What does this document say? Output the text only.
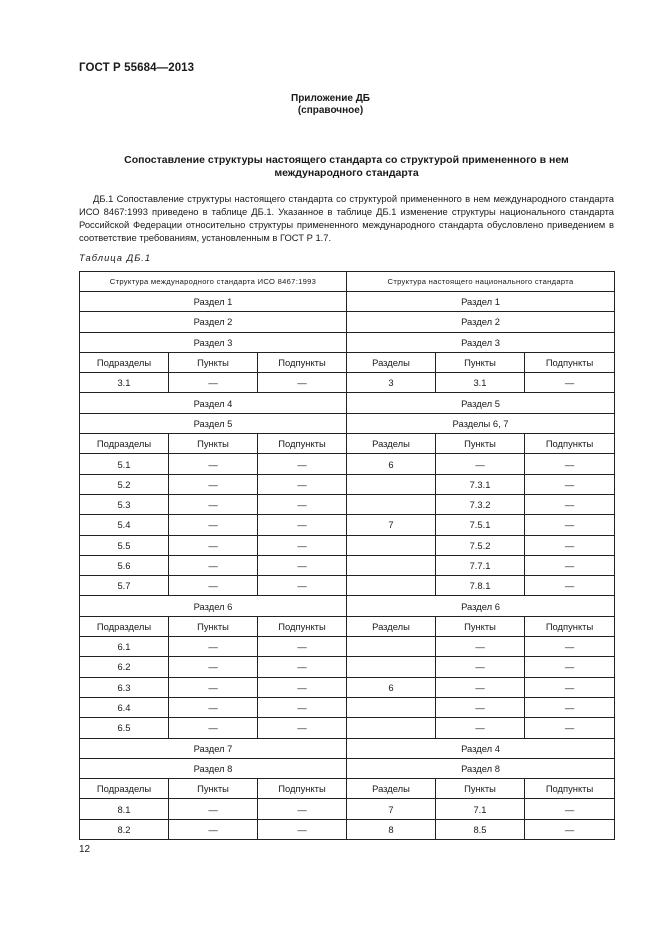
ГОСТ Р 55684—2013
Приложение ДБ
(справочное)
Сопоставление структуры настоящего стандарта со структурой примененного в нем
международного стандарта
ДБ.1 Сопоставление структуры настоящего стандарта со структурой примененного в нем международного стандарта ИСО 8467:1993 приведено в таблице ДБ.1. Указанное в таблице ДБ.1 изменение структуры национального стандарта Российской Федерации относительно структуры примененного международного стандарта обусловлено приведением в соответствие требованиям, установленным в ГОСТ Р 1.7.
Таблица ДБ.1
Структура международного стандарта ИСО 8467:1993			Структура настоящего национального стандарта		
Раздел 1			Раздел 1		
Раздел 2			Раздел 2		
Раздел 3			Раздел 3		
Подразделы	Пункты	Подпункты	Разделы	Пункты	Подпункты
3.1	—	—	3	3.1	—
Раздел 4			Раздел 5		
Раздел 5			Разделы 6, 7		
Подразделы	Пункты	Подпункты	Разделы	Пункты	Подпункты
5.1	—	—	6	—	—
5.2	—	—		7.3.1	—
5.3	—	—		7.3.2	—
5.4	—	—	7	7.5.1	—
5.5	—	—		7.5.2	—
5.6	—	—		7.7.1	—
5.7	—	—		7.8.1	—
Раздел 6			Раздел 6		
Подразделы	Пункты	Подпункты	Разделы	Пункты	Подпункты
6.1	—	—		—	—
6.2	—	—		—	—
6.3	—	—	6	—	—
6.4	—	—		—	—
6.5	—	—		—	—
Раздел 7			Раздел 4		
Раздел 8			Раздел 8		
Подразделы	Пункты	Подпункты	Разделы	Пункты	Подпункты
8.1	—	—	7	7.1	—
8.2	—	—	8	8.5	—
12
